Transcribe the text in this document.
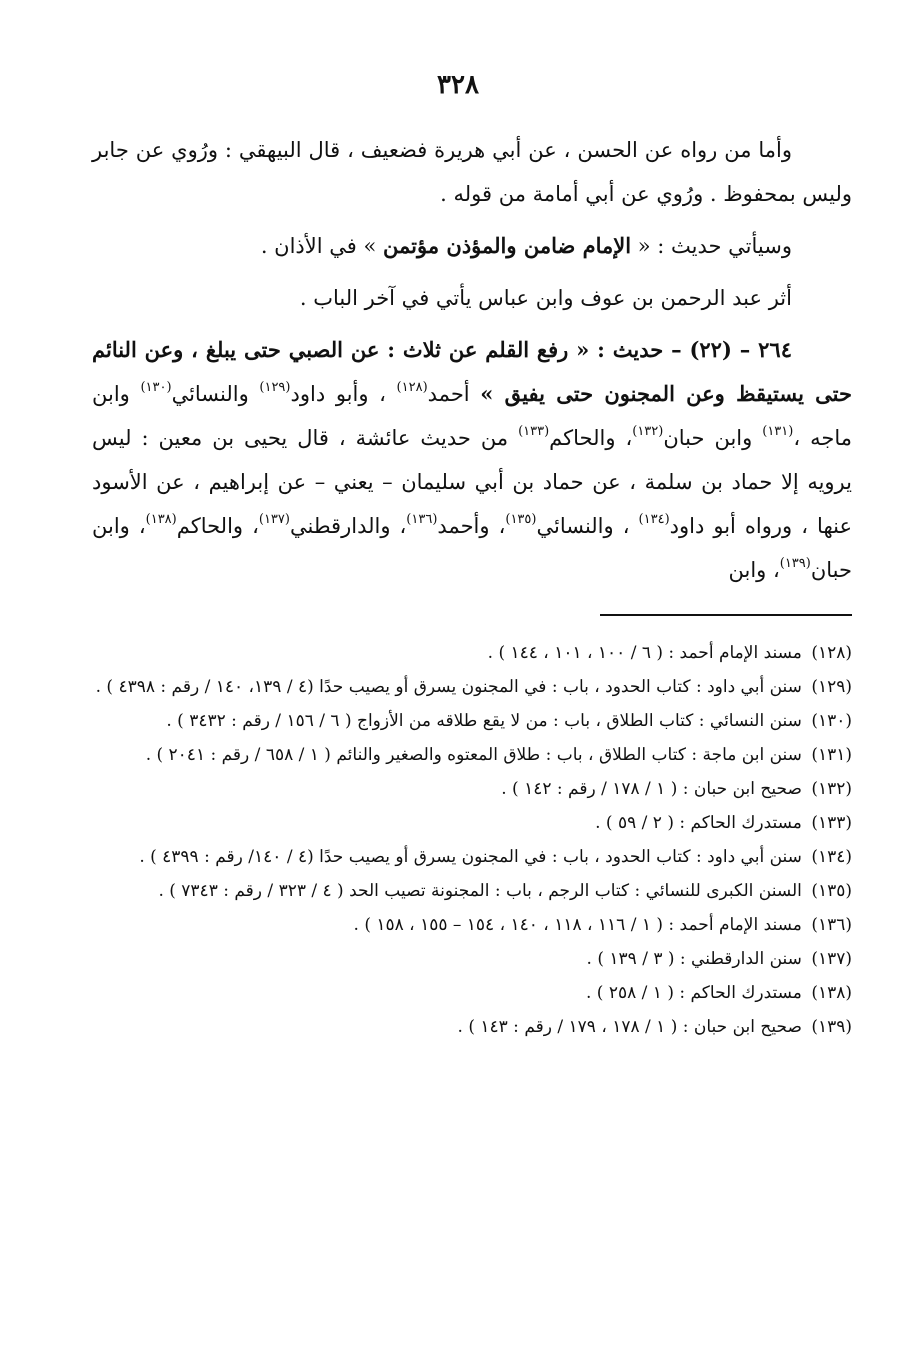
٣٢٨

وأما من رواه عن الحسن ، عن أبي هريرة فضعيف ، قال البيهقي : ورُوي عن جابر وليس بمحفوظ . ورُوي عن أبي أمامة من قوله .

وسيأتي حديث : « الإمام ضامن والمؤذن مؤتمن » في الأذان .

أثر عبد الرحمن بن عوف وابن عباس يأتي في آخر الباب .

٢٦٤ – (٢٢) – حديث : « رفع القلم عن ثلاث : عن الصبي حتى يبلغ ، وعن النائم حتى يستيقظ وعن المجنون حتى يفيق » أحمد$^{(١٢٨)}$ ، وأبو داود$^{(١٢٩)}$ والنسائي$^{(١٣٠)}$ وابن ماجه ،$^{(١٣١)}$ وابن حبان$^{(١٣٢)}$، والحاكم$^{(١٣٣)}$ من حديث عائشة ، قال يحيى بن معين : ليس يرويه إلا حماد بن سلمة ، عن حماد بن أبي سليمان – يعني – عن إبراهيم ، عن الأسود عنها ، ورواه أبو داود$^{(١٣٤)}$ ، والنسائي$^{(١٣٥)}$، وأحمد$^{(١٣٦)}$، والدارقطني$^{(١٣٧)}$، والحاكم$^{(١٣٨)}$، وابن حبان$^{(١٣٩)}$، وابن

(١٢٨) مسند الإمام أحمد : ( ٦ / ١٠٠ ، ١٠١ ، ١٤٤ ) .

(١٢٩) سنن أبي داود : كتاب الحدود ، باب : في المجنون يسرق أو يصيب حدًا (٤ / ١٣٩، ١٤٠ / رقم : ٤٣٩٨ ) .

(١٣٠) سنن النسائي : كتاب الطلاق ، باب : من لا يقع طلاقه من الأزواج ( ٦ / ١٥٦ / رقم : ٣٤٣٢ ) .

(١٣١) سنن ابن ماجة : كتاب الطلاق ، باب : طلاق المعتوه والصغير والنائم ( ١ / ٦٥٨ / رقم : ٢٠٤١ ) .

(١٣٢) صحيح ابن حبان : ( ١ / ١٧٨ / رقم : ١٤٢ ) .

(١٣٣) مستدرك الحاكم : ( ٢ / ٥٩ ) .

(١٣٤) سنن أبي داود : كتاب الحدود ، باب : في المجنون يسرق أو يصيب حدًا (٤ / ١٤٠/ رقم : ٤٣٩٩ ) .

(١٣٥) السنن الكبرى للنسائي : كتاب الرجم ، باب : المجنونة تصيب الحد ( ٤ / ٣٢٣ / رقم : ٧٣٤٣ ) .

(١٣٦) مسند الإمام أحمد : ( ١ / ١١٦ ، ١١٨ ، ١٤٠ ، ١٥٤ – ١٥٥ ، ١٥٨ ) .

(١٣٧) سنن الدارقطني : ( ٣ / ١٣٩ ) .

(١٣٨) مستدرك الحاكم : ( ١ / ٢٥٨ ) .

(١٣٩) صحيح ابن حبان : ( ١ / ١٧٨ ، ١٧٩ / رقم : ١٤٣ ) .
